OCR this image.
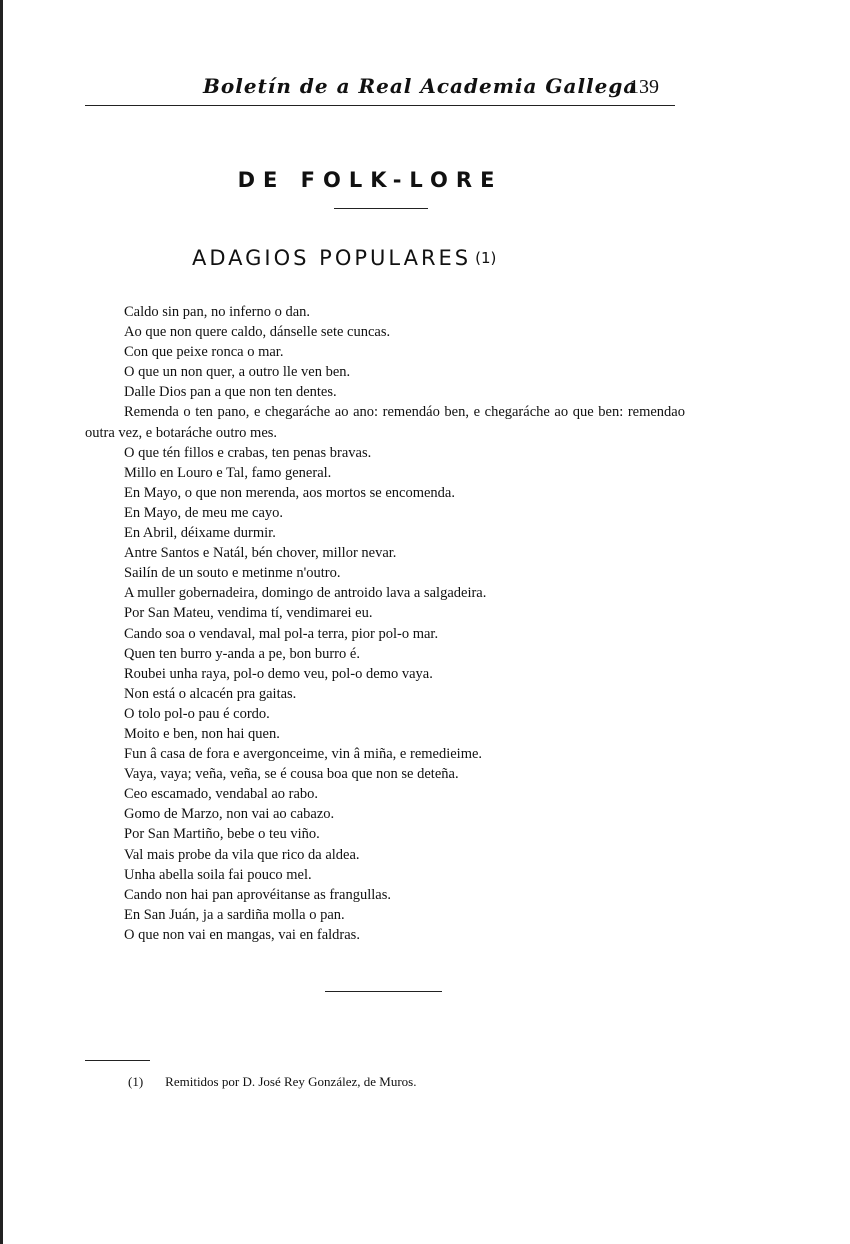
Boletín de a Real Academia Gallega
139
DE FOLK-LORE
ADAGIOS POPULARES (1)
Caldo sin pan, no inferno o dan.
Ao que non quere caldo, dánselle sete cuncas.
Con que peixe ronca o mar.
O que un non quer, a outro lle ven ben.
Dalle Dios pan a que non ten dentes.
Remenda o ten pano, e chegaráche ao ano: remendáo ben, e chegaráche ao que ben: remendao outra vez, e botaráche outro mes.
O que tén fillos e crabas, ten penas bravas.
Millo en Louro e Tal, famo general.
En Mayo, o que non merenda, aos mortos se encomenda.
En Mayo, de meu me cayo.
En Abril, déixame durmir.
Antre Santos e Natál, bén chover, millor nevar.
Sailín de un souto e metinme n'outro.
A muller gobernadeira, domingo de antroido lava a salgadeira.
Por San Mateu, vendima tí, vendimarei eu.
Cando soa o vendaval, mal pol-a terra, pior pol-o mar.
Quen ten burro y-anda a pe, bon burro é.
Roubei unha raya, pol-o demo veu, pol-o demo vaya.
Non está o alcacén pra gaitas.
O tolo pol-o pau é cordo.
Moito e ben, non hai quen.
Fun â casa de fora e avergonceime, vin â miña, e remedieime.
Vaya, vaya; veña, veña, se é cousa boa que non se deteña.
Ceo escamado, vendabal ao rabo.
Gomo de Marzo, non vai ao cabazo.
Por San Martiño, bebe o teu viño.
Val mais probe da vila que rico da aldea.
Unha abella soila fai pouco mel.
Cando non hai pan aprovéitanse as frangullas.
En San Juán, ja a sardiña molla o pan.
O que non vai en mangas, vai en faldras.
(1) Remitidos por D. José Rey González, de Muros.
